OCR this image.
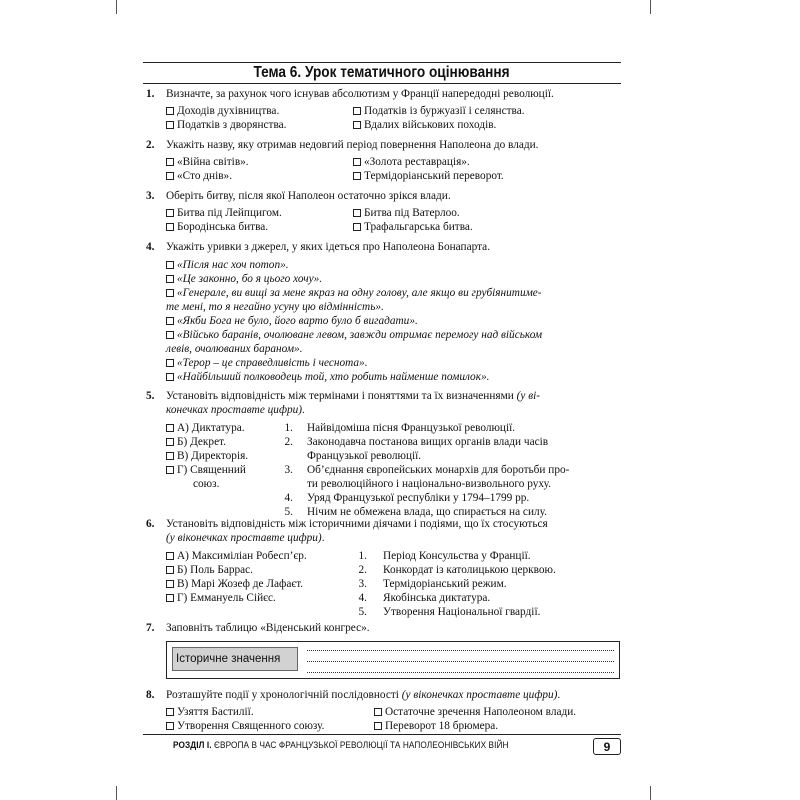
Тема 6. Урок тематичного оцінювання
1. Визначте, за рахунок чого існував абсолютизм у Франції напередодні революції.
Доходів духівництва.	Податків із буржуазії і селянства.
Податків з дворянства.	Вдалих військових походів.
2. Укажіть назву, яку отримав недовгий період повернення Наполеона до влади.
«Війна світів».	«Золота реставрація».
«Сто днів».	Термідоріанський переворот.
3. Оберіть битву, після якої Наполеон остаточно зрікся влади.
Битва під Лейпцигом.	Битва під Ватерлоо.
Бородінська битва.	Трафальгарська битва.
4. Укажіть уривки з джерел, у яких ідеться про Наполеона Бонапарта.
«Після нас хоч потоп».
«Це законно, бо я цього хочу».
«Генерале, ви вищі за мене якраз на одну голову, але якщо ви грубіянитиме-
те мені, то я негайно усуну цю відмінність».
«Якби Бога не було, його варто було б вигадати».
«Військо баранів, очолюване левом, завжди отримає перемогу над військом
левів, очолюваних бараном».
«Терор – це справедливість і чеснота».
«Найбільший полководець той, хто робить найменше помилок».
5. Установіть відповідність між термінами і поняттями та їх визначеннями (у ві-
конечках проставте цифри).
А) Диктатура.
Б) Декрет.
В) Директорія.
Г) Священний
союз.
1. Найвідоміша пісня Французької революції.
2. Законодавча постанова вищих органів влади часів
Французької революції.
3. Об’єднання європейських монархів для боротьби про-
ти революційного і національно-визвольного руху.
4. Уряд Французької республіки у 1794–1799 рр.
5. Нічим не обмежена влада, що спирається на силу.
6. Установіть відповідність між історичними діячами і подіями, що їх стосуються
(у віконечках проставте цифри).
А) Максиміліан Робесп’єр.
Б) Поль Баррас.
В) Марі Жозеф де Лафаєт.
Г) Еммануель Сійєс.
1. Період Консульства у Франції.
2. Конкордат із католицькою церквою.
3. Термідоріанський режим.
4. Якобінська диктатура.
5. Утворення Національної гвардії.
7. Заповніть таблицю «Віденський конгрес».
Історичне значення
8. Розташуйте події у хронологічній послідовності (у віконечках проставте цифри).
Узяття Бастилії.	Остаточне зречення Наполеоном влади.
Утворення Священного союзу.	Переворот 18 брюмера.
РОЗДІЛ I. ЄВРОПА В ЧАС ФРАНЦУЗЬКОЇ РЕВОЛЮЦІЇ ТА НАПОЛЕОНІВСЬКИХ ВІЙН	9
